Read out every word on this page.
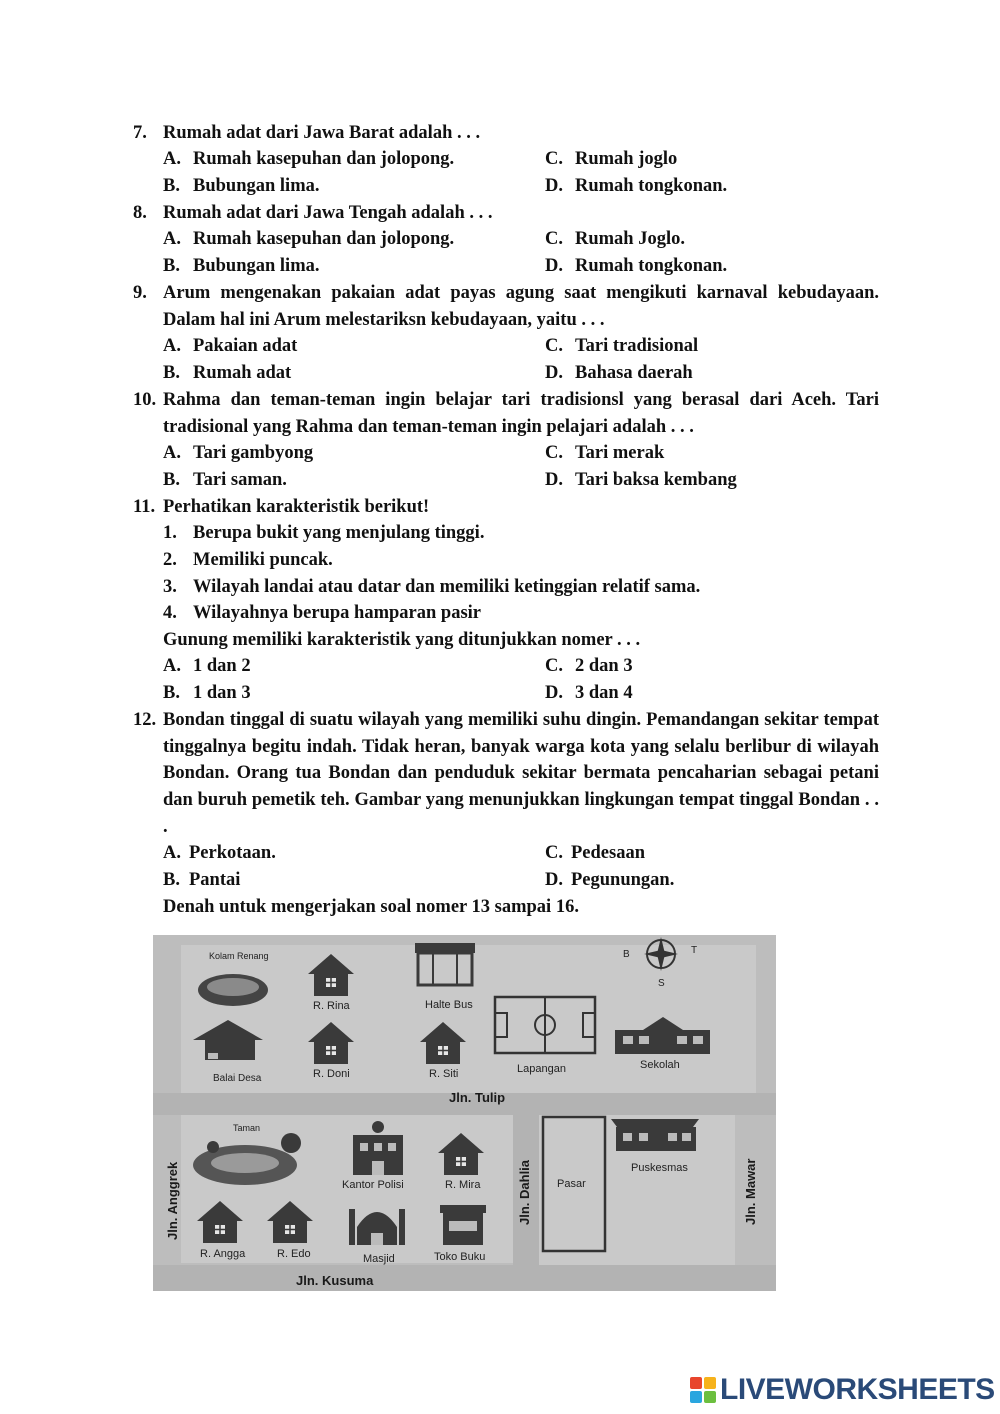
7. Rumah adat dari Jawa Barat adalah . . .
A. Rumah kasepuhan dan jolopong.	C. Rumah joglo
B. Bubungan lima.	D. Rumah tongkonan.
8. Rumah adat dari Jawa Tengah adalah . . .
A. Rumah kasepuhan dan jolopong.	C. Rumah Joglo.
B. Bubungan lima.	D. Rumah tongkonan.
9. Arum mengenakan pakaian adat payas agung saat mengikuti karnaval kebudayaan. Dalam hal ini Arum melestariksn kebudayaan, yaitu . . .
A. Pakaian adat	C. Tari tradisional
B. Rumah adat	D. Bahasa daerah
10. Rahma dan teman-teman ingin belajar tari tradisionsl yang berasal dari Aceh. Tari tradisional yang Rahma dan teman-teman ingin pelajari adalah . . .
A. Tari gambyong	C. Tari merak
B. Tari saman.	D. Tari baksa kembang
11. Perhatikan karakteristik berikut!
1. Berupa bukit yang menjulang tinggi.
2. Memiliki puncak.
3. Wilayah landai atau datar dan memiliki ketinggian relatif sama.
4. Wilayahnya berupa hamparan pasir
Gunung memiliki karakteristik yang ditunjukkan nomer . . .
A. 1 dan 2	C. 2 dan 3
B. 1 dan 3	D. 3 dan 4
12. Bondan tinggal di suatu wilayah yang memiliki suhu dingin. Pemandangan sekitar tempat tinggalnya begitu indah. Tidak heran, banyak warga kota yang selalu berlibur di wilayah Bondan. Orang tua Bondan dan penduduk sekitar bermata pencaharian sebagai petani dan buruh pemetik teh. Gambar yang menunjukkan lingkungan tempat tinggal Bondan . . .
A. Perkotaan.	C. Pedesaan
B. Pantai	D. Pegunungan.
Denah untuk mengerjakan soal nomer 13 sampai 16.
B	T
S
Kolam Renang
R. Rina	Halte Bus
Balai Desa	R. Doni	R. Siti	Lapangan	Sekolah
Jln. Tulip
Taman
Kantor Polisi	R. Mira	Jln. Dahlia Pasar
Puskesmas	Jln. Mawar
Jln. Anggrek
R. Angga	R. Edo	Masjid	Toko Buku
Jln. Kusuma
LIVEWORKSHEETS
